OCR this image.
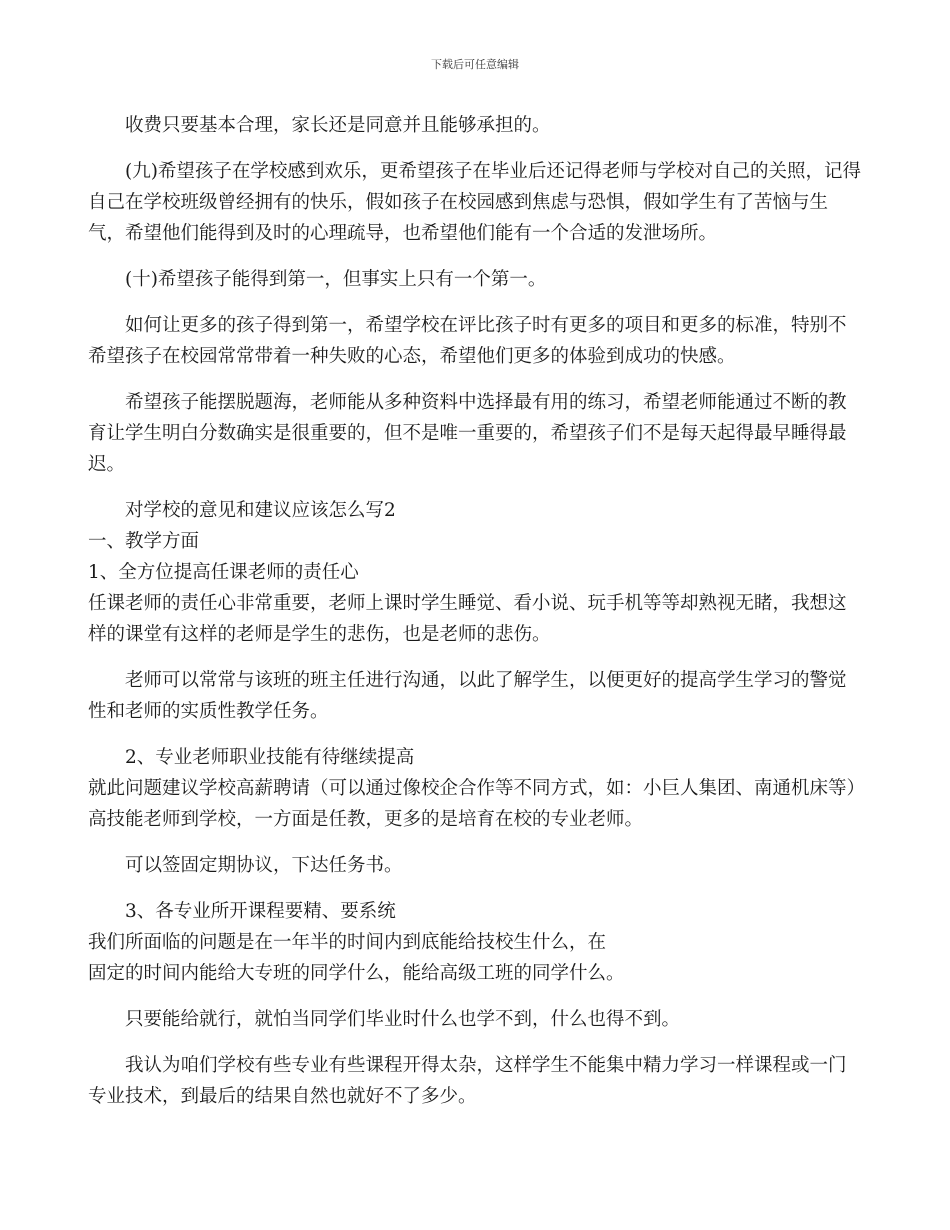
下载后可任意编辑

收费只要基本合理，家长还是同意并且能够承担的。

(九)希望孩子在学校感到欢乐，更希望孩子在毕业后还记得老师与学校对自己的关照，记得自己在学校班级曾经拥有的快乐，假如孩子在校园感到焦虑与恐惧，假如学生有了苦恼与生气，希望他们能得到及时的心理疏导，也希望他们能有一个合适的发泄场所。

(十)希望孩子能得到第一，但事实上只有一个第一。

如何让更多的孩子得到第一，希望学校在评比孩子时有更多的项目和更多的标准，特别不希望孩子在校园常常带着一种失败的心态，希望他们更多的体验到成功的快感。

希望孩子能摆脱题海，老师能从多种资料中选择最有用的练习，希望老师能通过不断的教育让学生明白分数确实是很重要的，但不是唯一重要的，希望孩子们不是每天起得最早睡得最迟。

对学校的意见和建议应该怎么写2

一、教学方面

1、全方位提高任课老师的责任心

任课老师的责任心非常重要，老师上课时学生睡觉、看小说、玩手机等等却熟视无睹，我想这样的课堂有这样的老师是学生的悲伤，也是老师的悲伤。

老师可以常常与该班的班主任进行沟通，以此了解学生，以便更好的提高学生学习的警觉性和老师的实质性教学任务。

2、专业老师职业技能有待继续提高

就此问题建议学校高薪聘请（可以通过像校企合作等不同方式，如：小巨人集团、南通机床等）高技能老师到学校，一方面是任教，更多的是培育在校的专业老师。

可以签固定期协议，下达任务书。

3、各专业所开课程要精、要系统

我们所面临的问题是在一年半的时间内到底能给技校生什么，在

固定的时间内能给大专班的同学什么，能给高级工班的同学什么。

只要能给就行，就怕当同学们毕业时什么也学不到，什么也得不到。

我认为咱们学校有些专业有些课程开得太杂，这样学生不能集中精力学习一样课程或一门专业技术，到最后的结果自然也就好不了多少。
